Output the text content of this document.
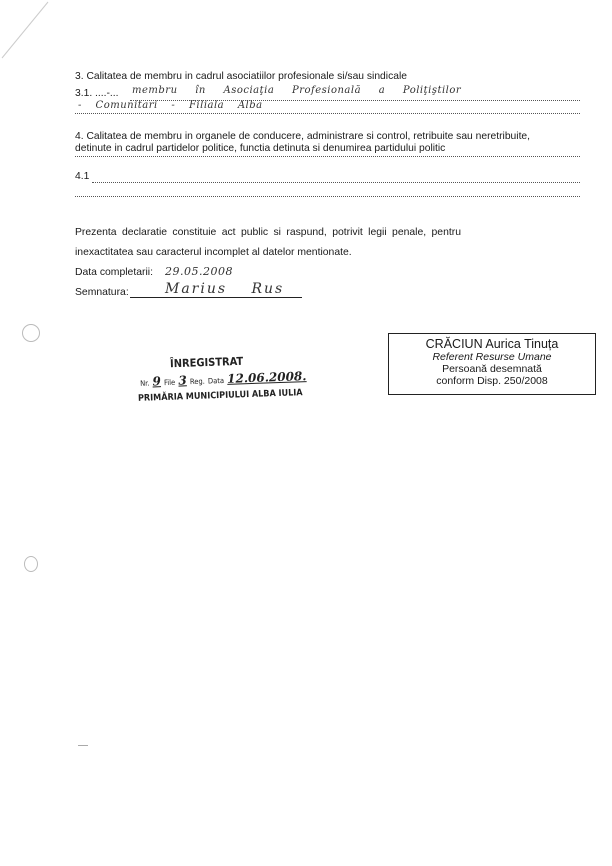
3. Calitatea de membru in cadrul asociatiilor profesionale si/sau sindicale
3.1. ....-... membru în Asociaţia Profesională a Poliţiştilor
- Comunitari - Filiala Alba
4. Calitatea de membru in organele de conducere, administrare si control, retribuite sau neretribuite,
detinute in cadrul partidelor politice, functia detinuta si denumirea partidului politic
4.1
Prezenta declaratie constituie act public si raspund, potrivit legii penale, pentru
inexactitatea sau caracterul incomplet al datelor mentionate.
Data completarii: 29.05.2008
Semnatura:	Marius Rus
CRĂCIUN Aurica Tinuța
Referent Resurse Umane
Persoană desemnată
conform Disp. 250/2008
ÎNREGISTRAT
Nr. 9 File 3 Reg. Data 12.06.2008.
PRIMĂRIA MUNICIPIULUI ALBA IULIA
